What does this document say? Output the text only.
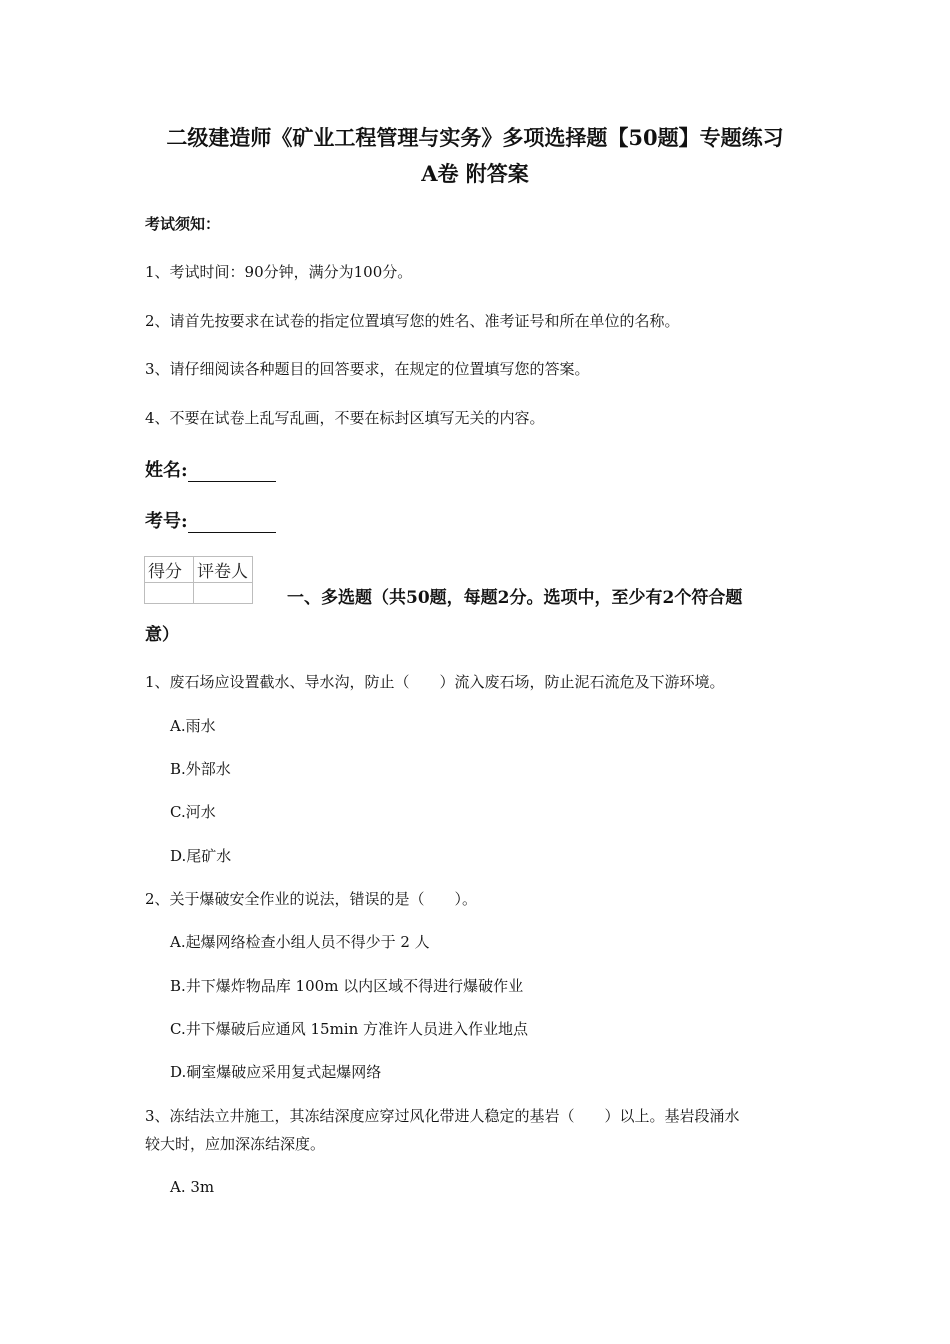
二级建造师《矿业工程管理与实务》多项选择题【50题】专题练习
A卷 附答案
考试须知：
1、考试时间：90分钟，满分为100分。
2、请首先按要求在试卷的指定位置填写您的姓名、准考证号和所在单位的名称。
3、请仔细阅读各种题目的回答要求，在规定的位置填写您的答案。
4、不要在试卷上乱写乱画，不要在标封区填写无关的内容。
姓名:
考号:
得分	评卷人

一、多选题（共50题，每题2分。选项中，至少有2个符合题
意）
1、废石场应设置截水、导水沟，防止（　　）流入废石场，防止泥石流危及下游环境。
A.雨水
B.外部水
C.河水
D.尾矿水
2、关于爆破安全作业的说法，错误的是（　　）。
A.起爆网络检查小组人员不得少于 2 人
B.井下爆炸物品库 100m 以内区域不得进行爆破作业
C.井下爆破后应通风 15min 方准许人员进入作业地点
D.硐室爆破应采用复式起爆网络
3、冻结法立井施工，其冻结深度应穿过风化带进人稳定的基岩（　　）以上。基岩段涌水
较大时，应加深冻结深度。
A. 3m
